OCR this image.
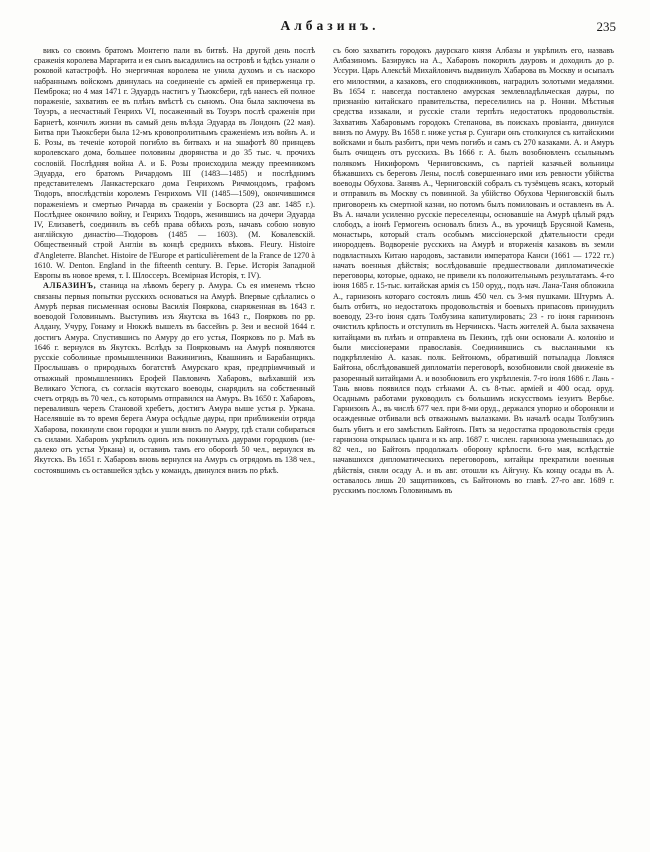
Албазинъ.	235

викъ со своимъ братомъ Монтегю пали въ битвѣ. На другой день послѣ сраженія королева Маргарита и ея сынъ высадились на островѣ и ѣдѣсь узнали о роковой катастрофѣ. Но энергичная королева не унила духомъ и съ наскоро набраннымъ войскомъ двинулась на соединеніе съ арміей ея приверженца гр. Пемброка; но 4 мая 1471 г. Эдуардъ настигъ у Тьюксбери, гдѣ нанесъ ей полное пораженіе, захвативъ ее въ плѣнъ вмѣстѣ съ сыномъ. Она была заключена въ Тоуэръ, а несчастный Генрихъ VI, посаженный въ Тоуэръ послѣ сраженія при Барнетѣ, кончилъ жизни въ самый день въѣзда Эдуарда въ Лондонъ (22 мая). Битва при Тьюксбери была 12-мъ кровопролитнымъ сраженіемъ изъ войнъ А. и Б. Розы, въ теченіе которой погибло въ битвахъ и на эшафотѣ 80 принцевъ королевскаго дома, большее половины дворянства и до 35 тыс. ч. прочихъ сословій. Послѣдняя война А. и Б. Розы происходила между преемникомъ Эдуарда, его братомъ Ричардомъ III (1483—1485) и послѣднимъ представителемъ Ланкастерскаго дома Генрихомъ Ричмондомъ, графомъ Тюдоръ, впослѣдствіи королемъ Генрихомъ VII (1485—1509), окончившимся пораженіемъ и смертью Ричарда въ сраженіи у Босворта (23 авг. 1485 г.). Послѣднее окончило войну, и Генрихъ Тюдоръ, женившись на дочери Эдуарда IV, Елизаветѣ, соединилъ въ себѣ права обѣихъ розъ, начавъ собою новую англійскую династію—Тюдоровъ (1485 — 1603). (М. Ковалевскій. Общественный строй Англіи въ концѣ среднихъ вѣковъ. Fleury. Histoire d'Angleterre. Blanchet. Histoire de l'Europe et particulièrement de la France de 1270 à 1610. W. Denton. England in the fifteenth century. В. Герье. Исторія Западной Европы въ новое время, т. I. Шлоссеръ. Всемірная Исторія, т. IV).

АЛБАЗИНЪ, станица на лѣвомъ берегу р. Амура. Съ ея именемъ тѣсно связаны первыя попытки русскихъ основаться на Амурѣ. Впервые сдѣлались о Амурѣ первая письменная основы Василія Пояркова, снаряженная въ 1643 г. воеводой Головинымъ. Выступивъ изъ Якутска въ 1643 г., Поярковъ по рр. Алдану, Учуру, Гонаму и Нюкжѣ вышелъ въ бассейнъ р. Зеи и весной 1644 г. достигъ Амура. Спустившись по Амуру до его устья, Поярковъ по р. Маѣ въ 1646 г. вернулся въ Якутскъ. Вслѣдъ за Поярковымъ на Амурѣ появляются русскіе соболиные промышленники Важинигинъ, Квашнинъ и Барабанщикъ. Прослышавъ о природныхъ богатствѣ Амурскаго края, предпріимчивый и отважный промышленникъ Ерофей Павловичъ Хабаровъ, выѣхавшій изъ Великаго Устюга, съ согласія якутскаго воеводы, снарядилъ на собственный счетъ отрядъ въ 70 чел., съ которымъ отправился на Амуръ. Въ 1650 г. Хабаровъ, перевалившъ черезъ Становой хребетъ, достигъ Амура выше устья р. Урканa. Населявшіе въ то время берега Амура осѣдлые дауры, при приближеніи отряда Хабарова, покинули свои городки и ушли внизъ по Амуру, гдѣ стали собираться съ силами. Хабаровъ укрѣпилъ одинъ изъ покинутыхъ даурами городковъ (не-далеко отъ устья Урканa) и, оставивъ тамъ его оборонѣ 50 чел., вернулся въ Якутскъ. Въ 1651 г. Хабаровъ вновь вернулся на Амуръ съ отрядомъ въ 138 чел., состоявшимъ съ оставшейся здѣсь у командъ, двинулся внизъ по рѣкѣ.

съ бою захватить городокъ даурскаго князя Албазы и укрѣпилъ его, назвавъ Албазиномъ. Базируясь на А., Хабаровъ покорилъ дауровъ и доходилъ до р. Уссури. Царь Алексѣй Михайловичъ выдвинулъ Хабарова въ Москву и осыпалъ его милостями, а казаковъ, его сподвижниковъ, наградилъ золотыми медалями. Въ 1654 г. навсегда поставлено амурская землевладѣльческая дауры, по признанію китайскаго правительства, переселились на р. Нонни. Мѣстныя средства иззакали, и русскіе стали терпѣть недостатокъ продовольствія. Захвативъ Хабаровымъ городокъ Степанова, въ поискахъ провіанта, двинулся внизъ по Амуру. Въ 1658 г. ниже устья р. Сунгари онъ столкнулся съ китайскими войсками и былъ разбитъ, при чемъ погибъ и самъ съ 270 казаками. А. и Амуръ былъ очищенъ отъ русскихъ. Въ 1666 г. А. былъ возобновленъ ссыльнымъ полякомъ Никифоромъ Черниговскимъ, съ партіей казачьей вольницы бѣжавшихъ съ береговъ Лены, послѣ совершеннаго ими изъ ревности убійства воеводы Обухова. Занявъ А., Черниговскій собралъ съ тузёмцевъ ясакъ, который и отправилъ въ Москву съ повинной. За убійство Обухова Черниговскій былъ приговоренъ къ смертной казни, но потомъ былъ помилованъ и оставленъ въ А. Въ А. начали усиленно русскіе переселенцы, основавшіе на Амурѣ цѣлый рядъ слободъ, а іюнѣ Гермогенъ основалъ близъ А., въ урочищѣ Брусяной Камень, монастырь, который сталъ особымъ миссіонерской дѣятельности среди инородцевъ. Водвореніе русскихъ на Амурѣ и вторженія казаковъ въ земли подвластныхъ Китаю народовъ, заставили императора Канси (1661 — 1722 гг.) начать военныя дѣйствія; вослѣдовавшіе предшествовали дипломатическіе переговоры, которые, однако, не привели къ положительнымъ результатамъ. 4-го іюня 1685 г. 15-тыс. китайская армія съ 150 оруд., подъ нач. Лана-Таня обложила А., гарнизонъ котораго состоялъ лишь 450 чел. съ 3-мя пушками. Штурмъ А. былъ отбитъ, но недостатокъ продовольствія и боевыхъ припасовъ принудилъ воеводу, 23-го іюня сдать Толбузина капитулировать; 23 - го іюня гарнизонъ очистилъ крѣпость и отступилъ въ Нерчинскъ. Часть жителей А. была захвачена китайцами въ плѣнъ и отправлена въ Пекинъ, гдѣ они основали А. колонію и были миссіонерами православія. Соединившись съ высланными къ подкрѣпленію А. казак. полк. Бейтономъ, обратившій потыладца Ловляся Байтона, обслѣдовавшей дипломатіи переговорѣ, возобновили свой движеніе въ разоренный китайцами А. и возобновилъ его укрѣпленія. 7-го іюля 1686 г. Лань - Тань вновь появился подъ стѣнами А. съ 8-тыс. арміей и 400 осад. оруд. Осаднымъ работами руководилъ съ большимъ искусствомъ іезуитъ Вербье. Гарнизонъ А., въ числѣ 677 чел. при 8-ми оруд., держался упорно и обороняли и осажденные отбивали всѣ отважнымъ вылазками. Въ началѣ осады Толбузинъ былъ убитъ и его замѣстилъ Байтонъ. Пять за недостатка продовольствія среди гарнизона открылась цынга и къ апр. 1687 г. числен. гарнизона уменьшилась до 82 чел., но Байтонъ продолжалъ оборону крѣпости. 6-го мая, вслѣдствіе начавшихся дипломатическихъ переговоровъ, китайцы прекратили военныя дѣйствія, сняли осаду А. и въ авг. отошли къ Айгуну. Къ концу осады въ А. оставалось лишь 20 защитниковъ, съ Байтономъ во главѣ. 27-го авг. 1689 г. русскимъ посломъ Головинымъ въ
